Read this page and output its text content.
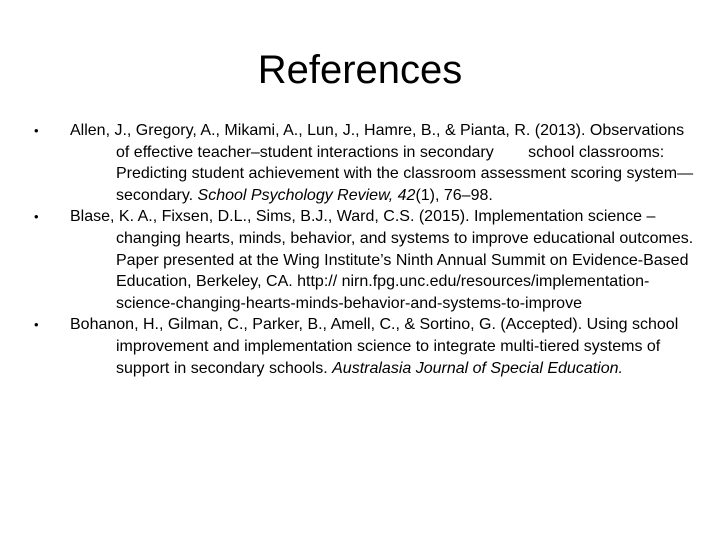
References
• Allen, J., Gregory, A., Mikami, A., Lun, J., Hamre, B., & Pianta, R. (2013). Observations of effective teacher–student interactions in secondary school classrooms: Predicting student achievement with the classroom assessment scoring system—secondary. School Psychology Review, 42(1), 76–98.
• Blase, K. A., Fixsen, D.L., Sims, B.J., Ward, C.S. (2015). Implementation science – changing hearts, minds, behavior, and systems to improve educational outcomes. Paper presented at the Wing Institute’s Ninth Annual Summit on Evidence-Based Education, Berkeley, CA. http:// nirn.fpg.unc.edu/resources/implementation-science-changing-hearts-minds-behavior-and-systems-to-improve
• Bohanon, H., Gilman, C., Parker, B., Amell, C., & Sortino, G. (Accepted). Using school improvement and implementation science to integrate multi-tiered systems of support in secondary schools. Australasia Journal of Special Education.
